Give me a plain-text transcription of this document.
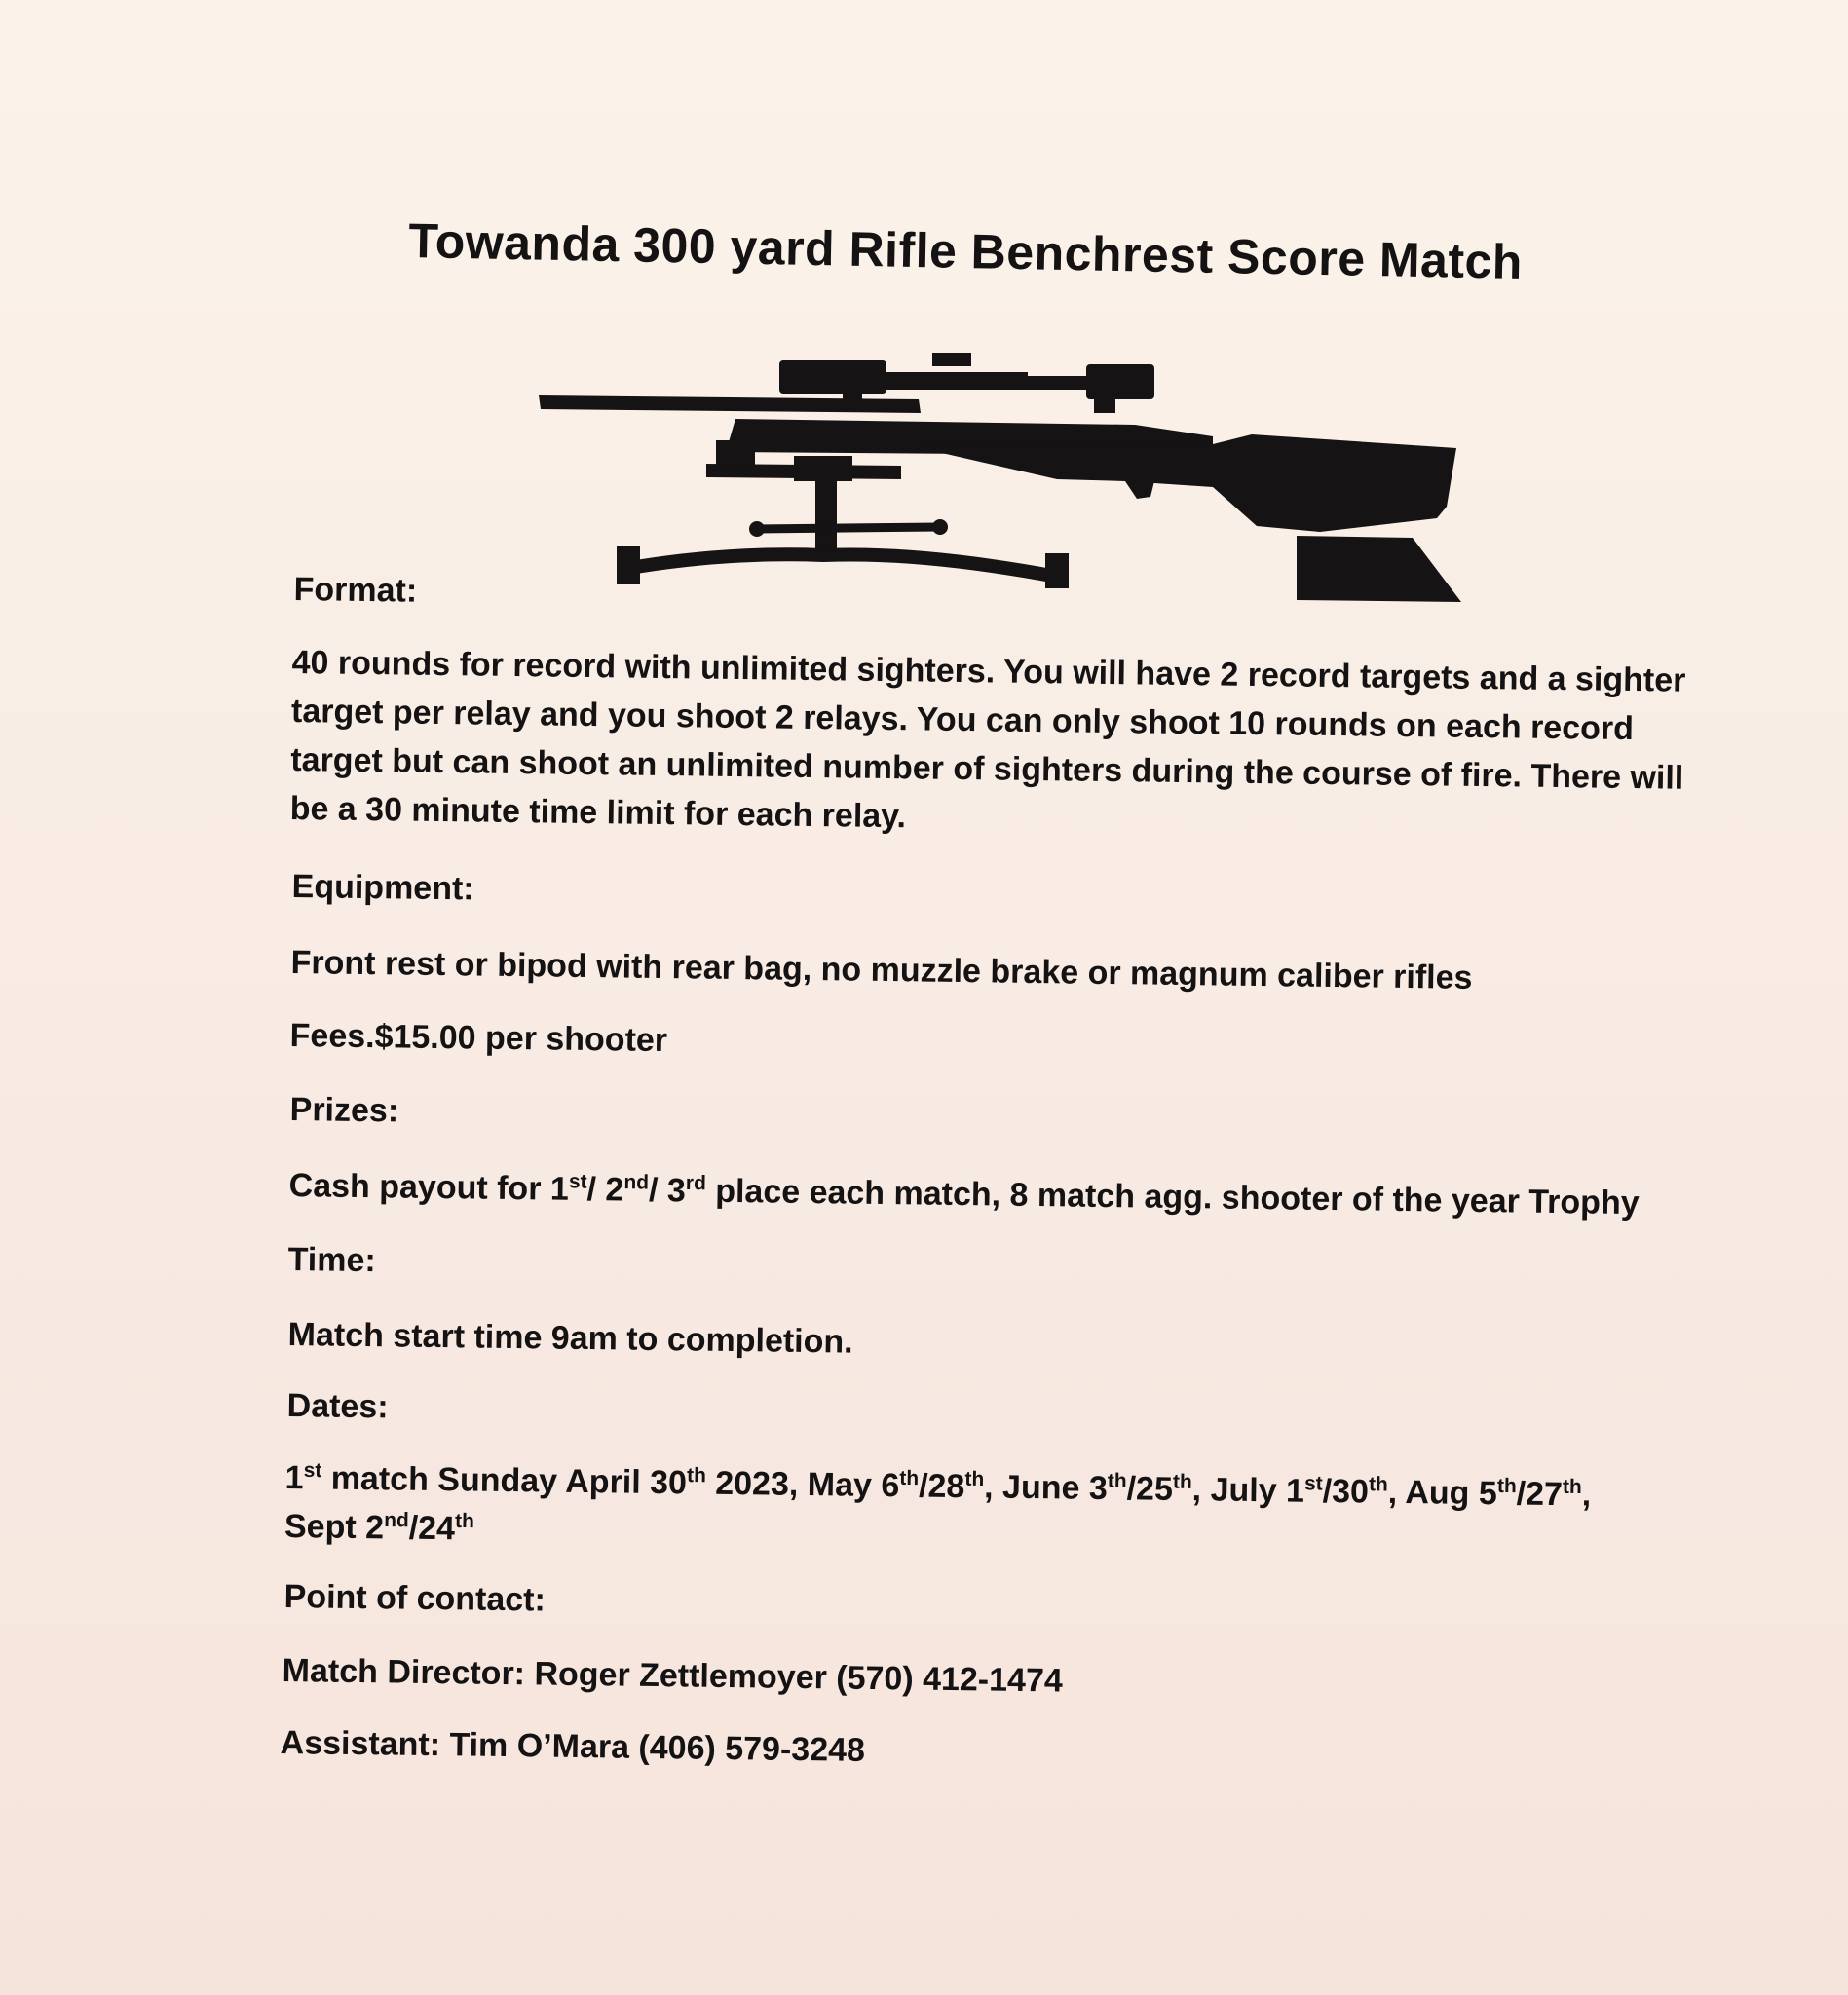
Towanda 300 yard Rifle Benchrest Score Match
Format:
40 rounds for record with unlimited sighters. You will have 2 record targets and a sighter target per relay and you shoot 2 relays. You can only shoot 10 rounds on each record target but can shoot an unlimited number of sighters during the course of fire. There will be a 30 minute time limit for each relay.
Equipment:
Front rest or bipod with rear bag, no muzzle brake or magnum caliber rifles
Fees.$15.00 per shooter
Prizes:
Cash payout for 1st/ 2nd/ 3rd place each match, 8 match agg. shooter of the year Trophy
Time:
Match start time 9am to completion.
Dates:
1st match Sunday April 30th 2023, May 6th/28th, June 3th/25th, July 1st/30th, Aug 5th/27th,
Sept 2nd/24th
Point of contact:
Match Director: Roger Zettlemoyer (570) 412-1474
Assistant: Tim O’Mara (406) 579-3248
